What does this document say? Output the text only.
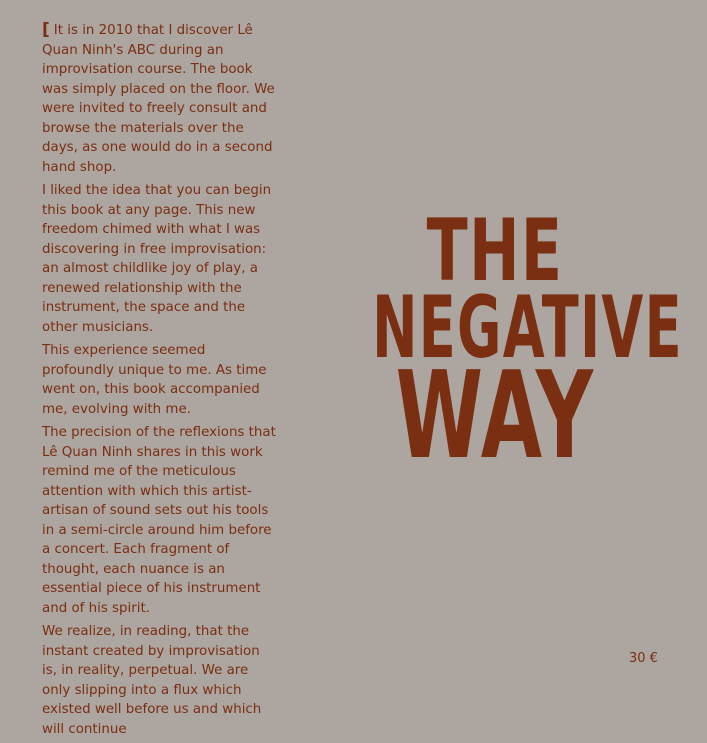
[ It is in 2010 that I discover Lê Quan Ninh's ABC during an improvisation course. The book was simply placed on the floor. We were invited to freely consult and browse the materials over the days, as one would do in a second hand shop.

I liked the idea that you can begin this book at any page. This new freedom chimed with what I was discovering in free improvisation: an almost childlike joy of play, a renewed relationship with the instrument, the space and the other musicians.

This experience seemed profoundly unique to me. As time went on, this book accompanied me, evolving with me.

The precision of the reflexions that Lê Quan Ninh shares in this work remind me of the meticulous attention with which this artist-artisan of sound sets out his tools in a semi-circle around him before a concert. Each fragment of thought, each nuance is an essential piece of his instrument and of his spirit.

We realize, in reading, that the instant created by improvisation is, in reality, perpetual. We are only slipping into a flux which existed well before us and which will continue

THE
NEGATIVE
WAY
30 €
